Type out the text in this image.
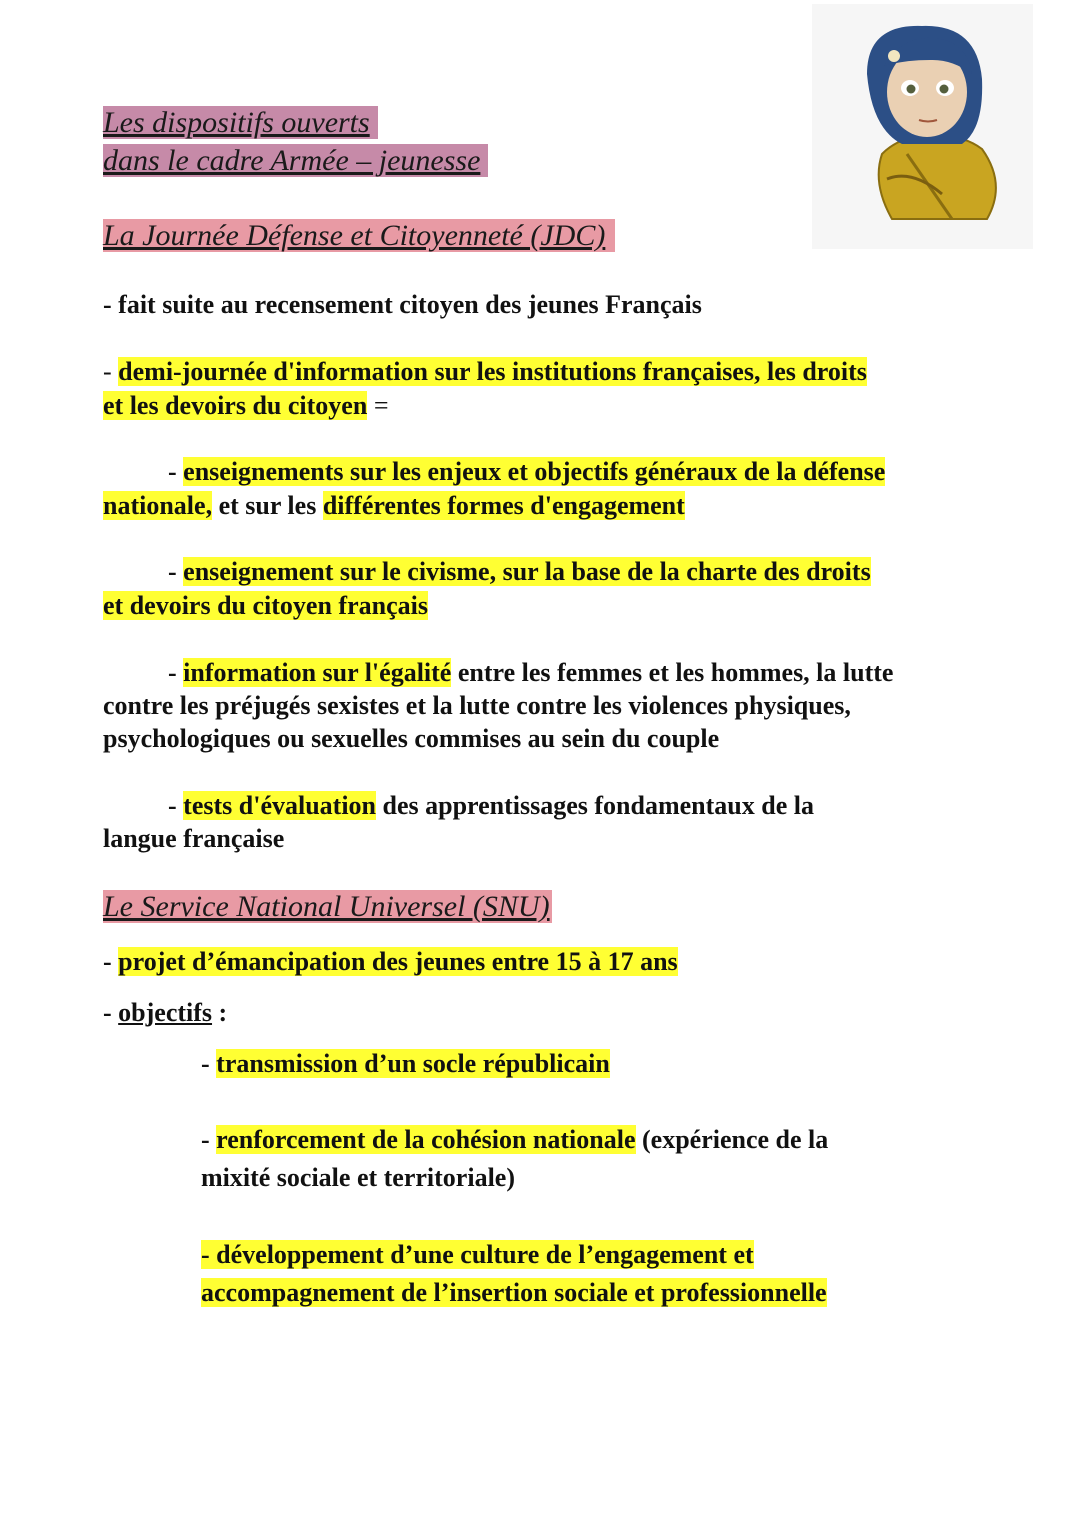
Les dispositifs ouverts
dans le cadre Armée – jeunesse
La Journée Défense et Citoyenneté (JDC)
- fait suite au recensement citoyen des jeunes Français
- demi-journée d'information sur les institutions françaises, les droits
et les devoirs du citoyen =
- enseignements sur les enjeux et objectifs généraux de la défense
nationale, et sur les différentes formes d'engagement
- enseignement sur le civisme, sur la base de la charte des droits
et devoirs du citoyen français
- information sur l'égalité entre les femmes et les hommes, la lutte
contre les préjugés sexistes et la lutte contre les violences physiques,
psychologiques ou sexuelles commises au sein du couple
- tests d'évaluation des apprentissages fondamentaux de la
langue française
Le Service National Universel (SNU)
- projet d’émancipation des jeunes entre 15 à 17 ans
- objectifs :
- transmission d’un socle républicain
- renforcement de la cohésion nationale (expérience de la
mixité sociale et territoriale)
- développement d’une culture de l’engagement et
accompagnement de l’insertion sociale et professionnelle
